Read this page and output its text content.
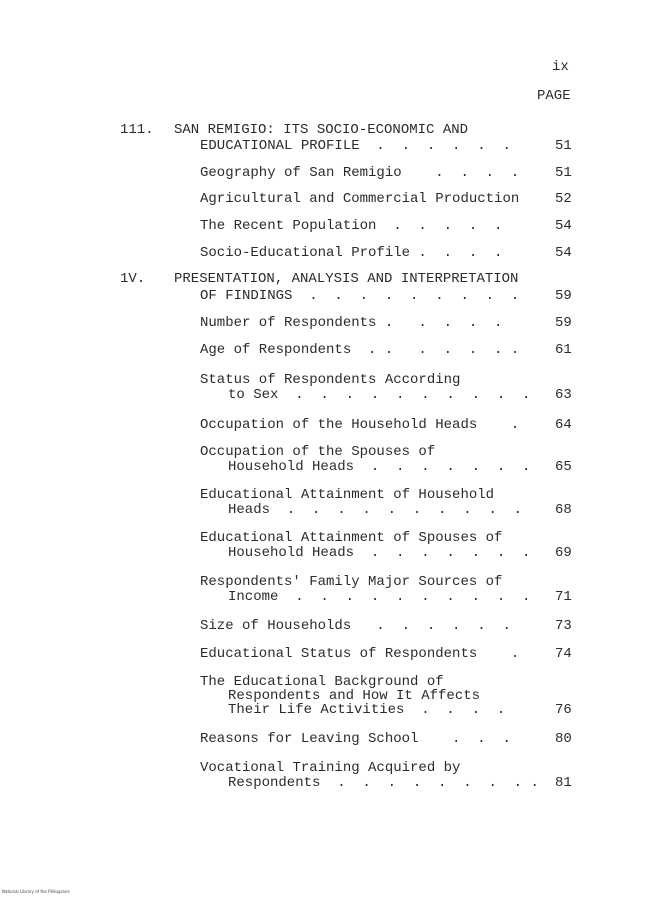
ix
PAGE
111. SAN REMIGIO: ITS SOCIO-ECONOMIC AND
EDUCATIONAL PROFILE  .  .  .  .  .  .	51
Geography of San Remigio    .  .  .  .	51
Agricultural and Commercial Production	52
The Recent Population  .  .  .  .  .	54
Socio-Educational Profile .  .  .  .	54
1V. PRESENTATION, ANALYSIS AND INTERPRETATION
OF FINDINGS  .  .  .  .  .  .  .  .  .	59
Number of Respondents .   .  .  .  .	59
Age of Respondents  . .   .  .  .  . .	61
Status of Respondents According
to Sex  .  .  .  .  .  .  .  .  .  . 63
Occupation of the Household Heads    .	64
Occupation of the Spouses of
Household Heads  .  .  .  .  .  .  . 65
Educational Attainment of Household
Heads  .  .  .  .  .  .  .  .  .  . 68
Educational Attainment of Spouses of
Household Heads  .  .  .  .  .  .  . 69
Respondents' Family Major Sources of
Income  .  .  .  .  .  .  .  .  .  . 71
Size of Households   .  .  .  .  .  .	73
Educational Status of Respondents    .	74
The Educational Background of
Respondents and How It Affects
Their Life Activities  .  .  .  .	76
Reasons for Leaving School    .  .  .	80
Vocational Training Acquired by
Respondents  .  .  .  .  .  .  .  . . 81
National Library of the Philippines
